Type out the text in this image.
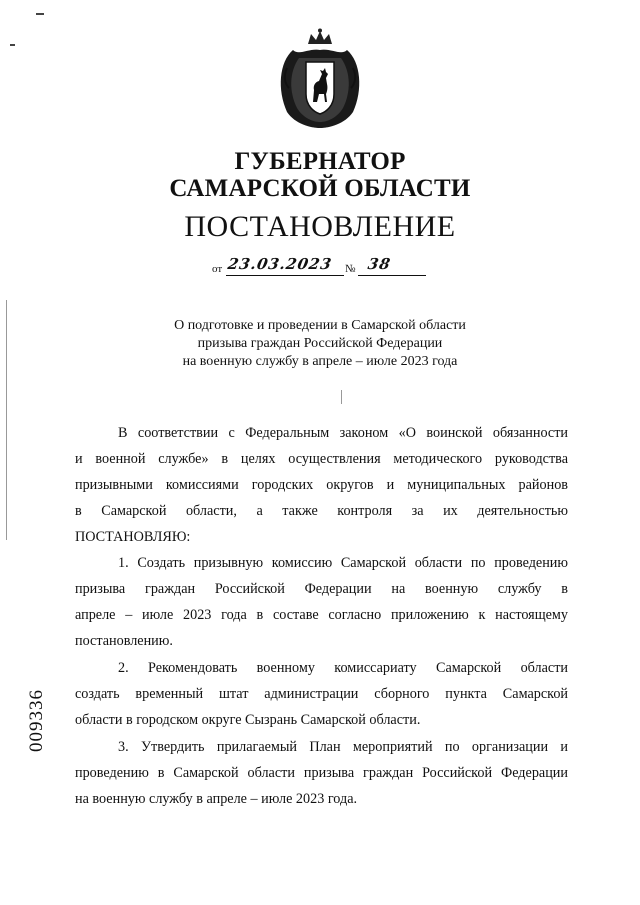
ГУБЕРНАТОР
САМАРСКОЙ ОБЛАСТИ
ПОСТАНОВЛЕНИЕ
от 23.03.2023 № 38
О подготовке и проведении в Самарской области
призыва граждан Российской Федерации
на военную службу в апреле – июле 2023 года
В соответствии с Федеральным законом «О воинской обязанности
и военной службе» в целях осуществления методического руководства
призывными комиссиями городских округов и муниципальных районов
в Самарской области, а также контроля за их деятельностью
ПОСТАНОВЛЯЮ:
1. Создать призывную комиссию Самарской области по проведению
призыва граждан Российской Федерации на военную службу в
апреле – июле 2023 года в составе согласно приложению к настоящему
постановлению.
2. Рекомендовать военному комиссариату Самарской области
создать временный штат администрации сборного пункта Самарской
области в городском округе Сызрань Самарской области.
3. Утвердить прилагаемый План мероприятий по организации и
проведению в Самарской области призыва граждан Российской Федерации
на военную службу в апреле – июле 2023 года.
009336
